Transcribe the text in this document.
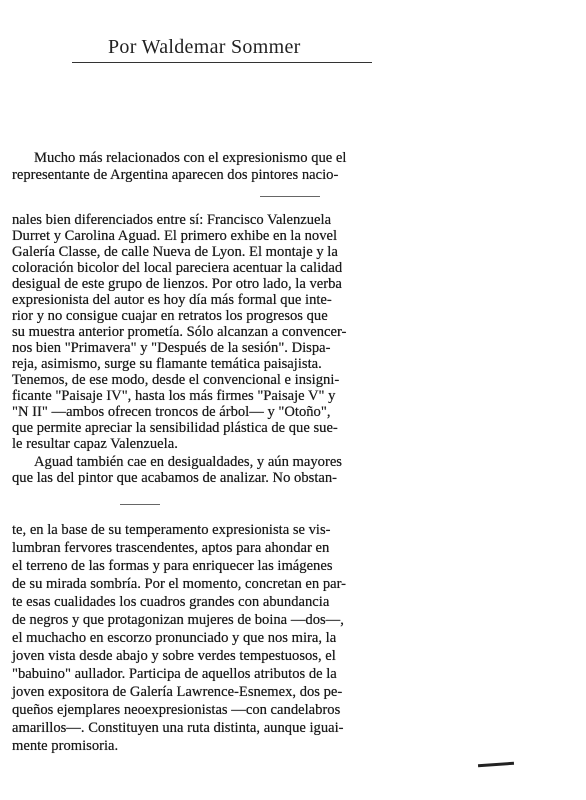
Por Waldemar Sommer
Mucho más relacionados con el expresionismo que el
representante de Argentina aparecen dos pintores nacio-
nales bien diferenciados entre sí: Francisco Valenzuela
Durret y Carolina Aguad. El primero exhibe en la novel
Galería Classe, de calle Nueva de Lyon. El montaje y la
coloración bicolor del local pareciera acentuar la calidad
desigual de este grupo de lienzos. Por otro lado, la verba
expresionista del autor es hoy día más formal que inte-
rior y no consigue cuajar en retratos los progresos que
su muestra anterior prometía. Sólo alcanzan a convencer-
nos bien "Primavera" y "Después de la sesión". Dispa-
reja, asimismo, surge su flamante temática paisajista.
Tenemos, de ese modo, desde el convencional e insigni-
ficante "Paisaje IV", hasta los más firmes "Paisaje V" y
"N II" —ambos ofrecen troncos de árbol— y "Otoño",
que permite apreciar la sensibilidad plástica de que sue-
le resultar capaz Valenzuela.
Aguad también cae en desigualdades, y aún mayores
que las del pintor que acabamos de analizar. No obstan-
te, en la base de su temperamento expresionista se vis-
lumbran fervores trascendentes, aptos para ahondar en
el terreno de las formas y para enriquecer las imágenes
de su mirada sombría. Por el momento, concretan en par-
te esas cualidades los cuadros grandes con abundancia
de negros y que protagonizan mujeres de boina —dos—,
el muchacho en escorzo pronunciado y que nos mira, la
joven vista desde abajo y sobre verdes tempestuosos, el
"babuino" aullador. Participa de aquellos atributos de la
joven expositora de Galería Lawrence-Esnemex, dos pe-
queños ejemplares neoexpresionistas —con candelabros
amarillos—. Constituyen una ruta distinta, aunque iguai-
mente promisoria.
